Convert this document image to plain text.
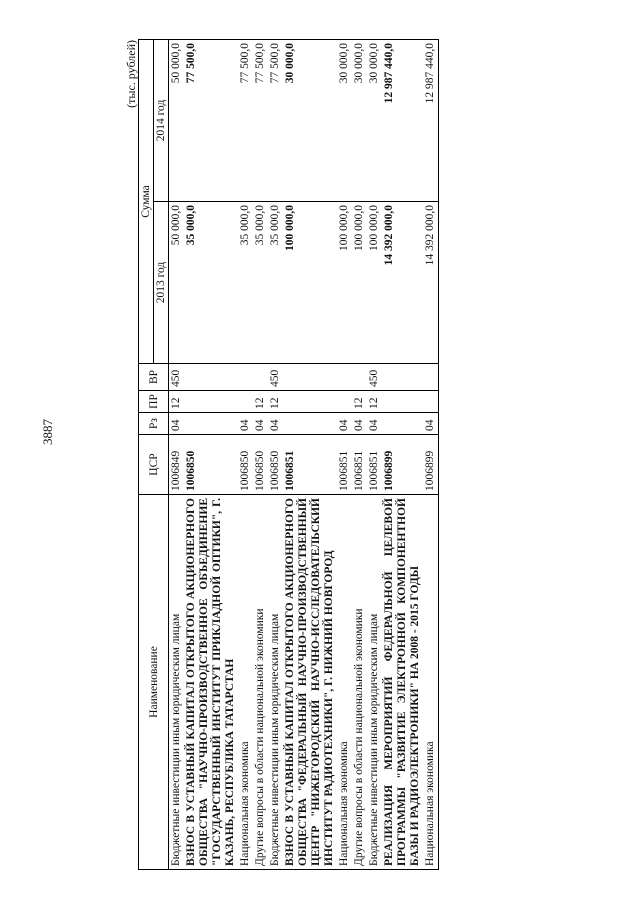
3887
(тыс. рублей)
Наименование	ЦСР	Рз	ПР	ВР	Сумма	
					2013 год	2014 год
Бюджетные инвестиции иным юридическим лицам	1006849	04	12	450	50 000,0	50 000,0
ВЗНОС В УСТАВНЫЙ КАПИТАЛ ОТКРЫТОГО АКЦИОНЕРНОГО ОБЩЕСТВА "НАУЧНО-ПРОИЗВОДСТВЕННОЕ ОБЪЕДИНЕНИЕ "ГОСУДАРСТВЕННЫЙ ИНСТИТУТ ПРИКЛАДНОЙ ОПТИКИ", Г. КАЗАНЬ, РЕСПУБЛИКА ТАТАРСТАН	1006850				35 000,0	77 500,0
Национальная экономика	1006850	04			35 000,0	77 500,0
Другие вопросы в области национальной экономики	1006850	04	12		35 000,0	77 500,0
Бюджетные инвестиции иным юридическим лицам	1006850	04	12	450	35 000,0	77 500,0
ВЗНОС В УСТАВНЫЙ КАПИТАЛ ОТКРЫТОГО АКЦИОНЕРНОГО ОБЩЕСТВА "ФЕДЕРАЛЬНЫЙ НАУЧНО-ПРОИЗВОДСТВЕННЫЙ ЦЕНТР "НИЖЕГОРОДСКИЙ НАУЧНО-ИССЛЕДОВАТЕЛЬСКИЙ ИНСТИТУТ РАДИОТЕХНИКИ", Г. НИЖНИЙ НОВГОРОД	1006851				100 000,0	30 000,0
Национальная экономика	1006851	04			100 000,0	30 000,0
Другие вопросы в области национальной экономики	1006851	04	12		100 000,0	30 000,0
Бюджетные инвестиции иным юридическим лицам	1006851	04	12	450	100 000,0	30 000,0
РЕАЛИЗАЦИЯ МЕРОПРИЯТИЙ ФЕДЕРАЛЬНОЙ ЦЕЛЕВОЙ ПРОГРАММЫ "РАЗВИТИЕ ЭЛЕКТРОННОЙ КОМПОНЕНТНОЙ БАЗЫ И РАДИОЭЛЕКТРОНИКИ" НА 2008 - 2015 ГОДЫ	1006899				14 392 000,0	12 987 440,0
Национальная экономика	1006899	04			14 392 000,0	12 987 440,0
